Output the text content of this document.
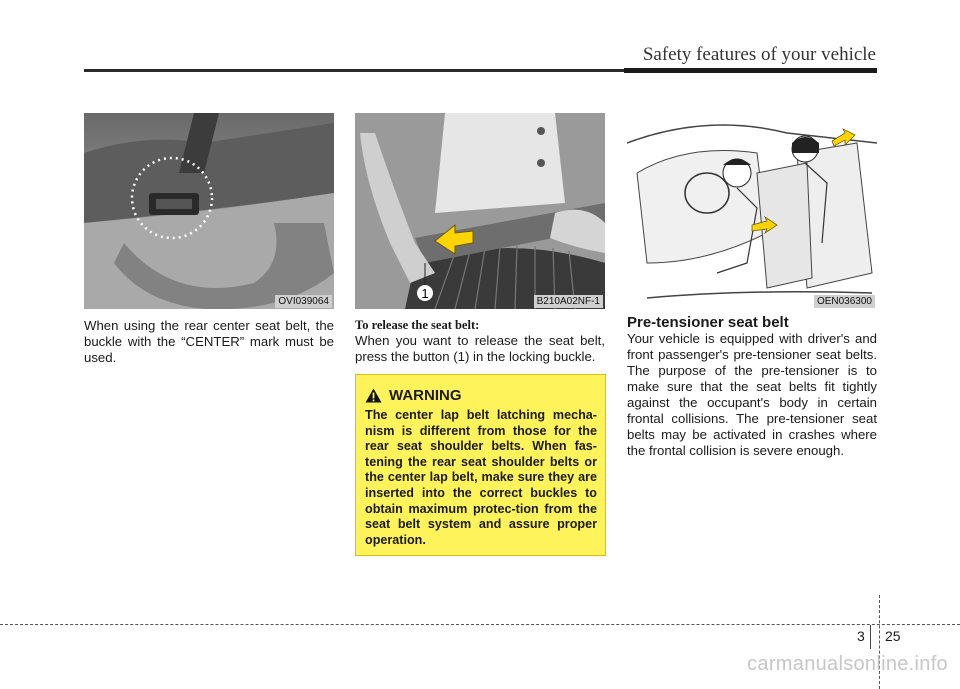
Safety features of your vehicle
OVI039064
1
B210A02NF-1	OEN036300

When using the rear center seat belt, the buckle with the “CENTER” mark must be used.

To release the seat belt:

When you want to release the seat belt, press the button (1) in the locking buckle.

WARNING
The center lap belt latching mecha-nism is different from those for the rear seat shoulder belts. When fas-tening the rear seat shoulder belts or the center lap belt, make sure they are inserted into the correct buckles to obtain maximum protec-tion from the seat belt system and assure proper operation.

Pre-tensioner seat belt

Your vehicle is equipped with driver's and front passenger's pre-tensioner seat belts. The purpose of the pre-tensioner is to make sure that the seat belts fit tightly against the occupant's body in certain frontal collisions. The pre-tensioner seat belts may be activated in crashes where the frontal collision is severe enough.

3 25
carmanualsonline.info
